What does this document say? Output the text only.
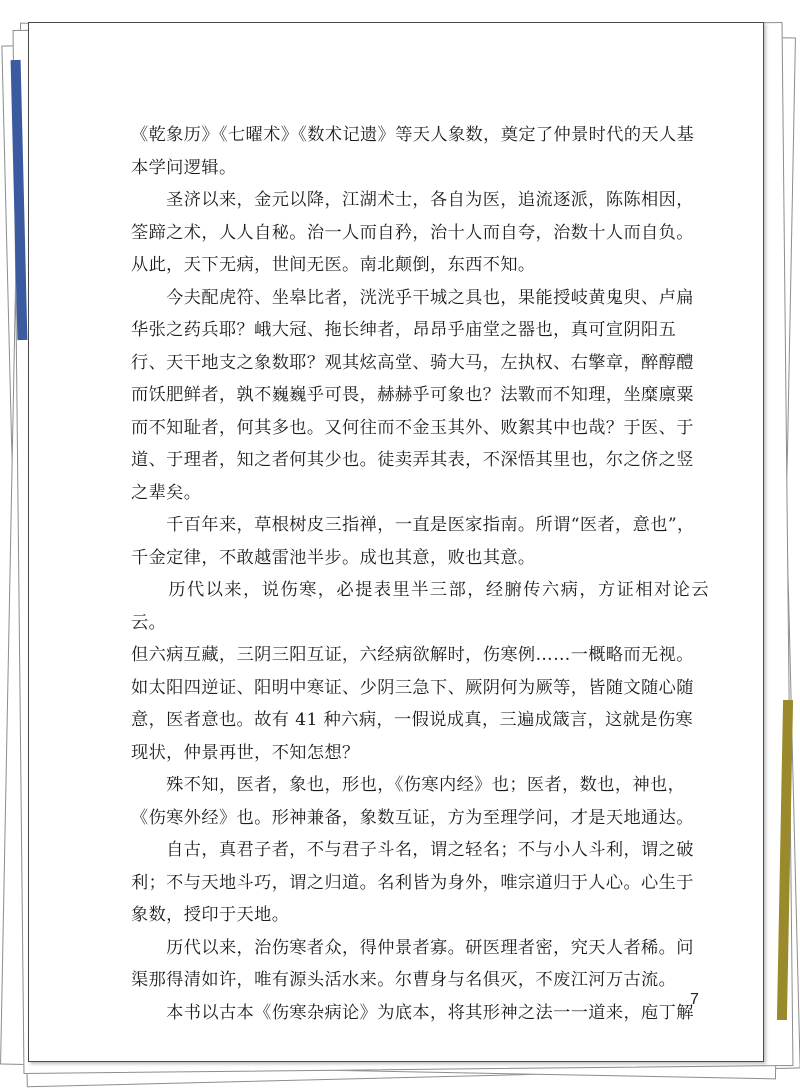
《乾象历》《七曜术》《数术记遗》等天人象数，奠定了仲景时代的天人基
本学问逻辑。

　　圣济以来，金元以降，江湖术士，各自为医，追流逐派，陈陈相因，
筌蹄之术，人人自秘。治一人而自矜，治十人而自夸，治数十人而自负。
从此，天下无病，世间无医。南北颠倒，东西不知。

　　今夫配虎符、坐皋比者，洸洸乎干城之具也，果能授岐黄鬼臾、卢扁
华张之药兵耶？峨大冠、拖长绅者，昂昂乎庙堂之器也，真可宣阴阳五
行、天干地支之象数耶？观其炫高堂、骑大马，左执权、右擎章，醉醇醴
而饫肥鲜者，孰不巍巍乎可畏，赫赫乎可象也？法斁而不知理，坐糜廪粟
而不知耻者，何其多也。又何往而不金玉其外、败絮其中也哉？于医、于
道、于理者，知之者何其少也。徒卖弄其表，不深悟其里也，尔之侪之竖
之辈矣。

　　千百年来，草根树皮三指禅，一直是医家指南。所谓“医者，意也”，
千金定律，不敢越雷池半步。成也其意，败也其意。

　　历代以来，说伤寒，必提表里半三部，经腑传六病，方证相对论云云。
但六病互藏，三阴三阳互证，六经病欲解时，伤寒例……一概略而无视。
如太阳四逆证、阳明中寒证、少阴三急下、厥阴何为厥等，皆随文随心随
意，医者意也。故有 41 种六病，一假说成真，三遍成箴言，这就是伤寒
现状，仲景再世，不知怎想？

　　殊不知，医者，象也，形也，《伤寒内经》也；医者，数也，神也，
《伤寒外经》也。形神兼备，象数互证，方为至理学问，才是天地通达。

　　自古，真君子者，不与君子斗名，谓之轻名；不与小人斗利，谓之破
利；不与天地斗巧，谓之归道。名利皆为身外，唯宗道归于人心。心生于
象数，授印于天地。

　　历代以来，治伤寒者众，得仲景者寡。研医理者密，究天人者稀。问
渠那得清如许，唯有源头活水来。尔曹身与名俱灭，不废江河万古流。

　　本书以古本《伤寒杂病论》为底本，将其形神之法一一道来，庖丁解

7
